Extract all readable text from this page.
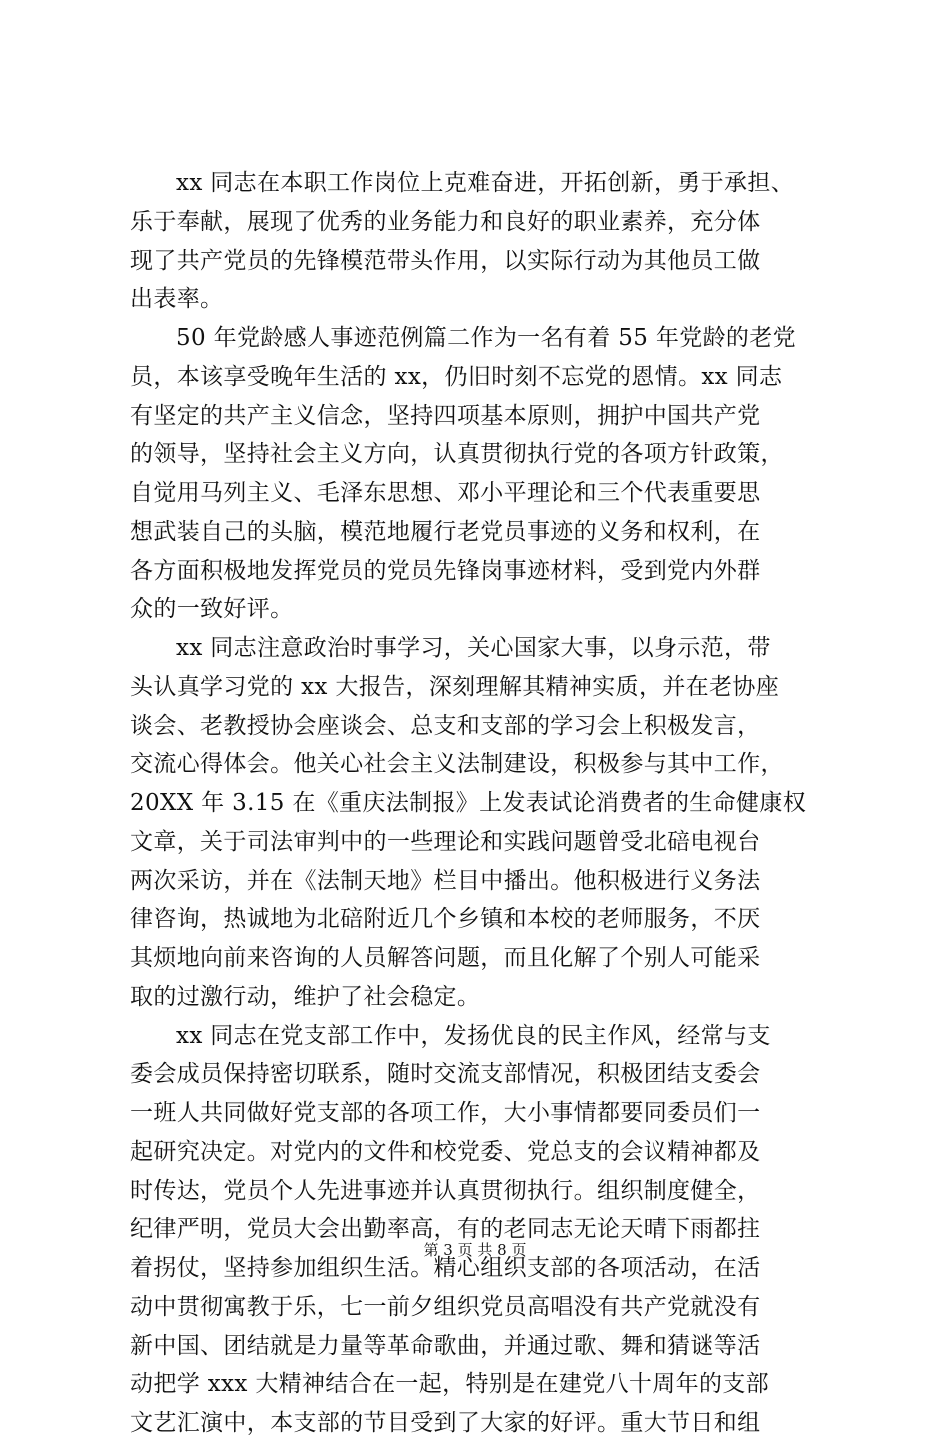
xx 同志在本职工作岗位上克难奋进，开拓创新，勇于承担、
乐于奉献，展现了优秀的业务能力和良好的职业素养，充分体
现了共产党员的先锋模范带头作用，以实际行动为其他员工做
出表率。
50 年党龄感人事迹范例篇二作为一名有着 55 年党龄的老党
员，本该享受晚年生活的 xx，仍旧时刻不忘党的恩情。xx 同志
有坚定的共产主义信念，坚持四项基本原则，拥护中国共产党
的领导，坚持社会主义方向，认真贯彻执行党的各项方针政策，
自觉用马列主义、毛泽东思想、邓小平理论和三个代表重要思
想武装自己的头脑，模范地履行老党员事迹的义务和权利，在
各方面积极地发挥党员的党员先锋岗事迹材料，受到党内外群
众的一致好评。
xx 同志注意政治时事学习，关心国家大事，以身示范，带
头认真学习党的 xx 大报告，深刻理解其精神实质，并在老协座
谈会、老教授协会座谈会、总支和支部的学习会上积极发言，
交流心得体会。他关心社会主义法制建设，积极参与其中工作，
20XX 年 3.15 在《重庆法制报》上发表试论消费者的生命健康权
文章，关于司法审判中的一些理论和实践问题曾受北碚电视台
两次采访，并在《法制天地》栏目中播出。他积极进行义务法
律咨询，热诚地为北碚附近几个乡镇和本校的老师服务，不厌
其烦地向前来咨询的人员解答问题，而且化解了个别人可能采
取的过激行动，维护了社会稳定。
xx 同志在党支部工作中，发扬优良的民主作风，经常与支
委会成员保持密切联系，随时交流支部情况，积极团结支委会
一班人共同做好党支部的各项工作，大小事情都要同委员们一
起研究决定。对党内的文件和校党委、党总支的会议精神都及
时传达，党员个人先进事迹并认真贯彻执行。组织制度健全，
纪律严明，党员大会出勤率高，有的老同志无论天晴下雨都拄
着拐仗，坚持参加组织生活。精心组织支部的各项活动，在活
动中贯彻寓教于乐，七一前夕组织党员高唱没有共产党就没有
新中国、团结就是力量等革命歌曲，并通过歌、舞和猜谜等活
动把学 xxx 大精神结合在一起，特别是在建党八十周年的支部
文艺汇演中，本支部的节目受到了大家的好评。重大节日和组
第 3 页 共 8 页
